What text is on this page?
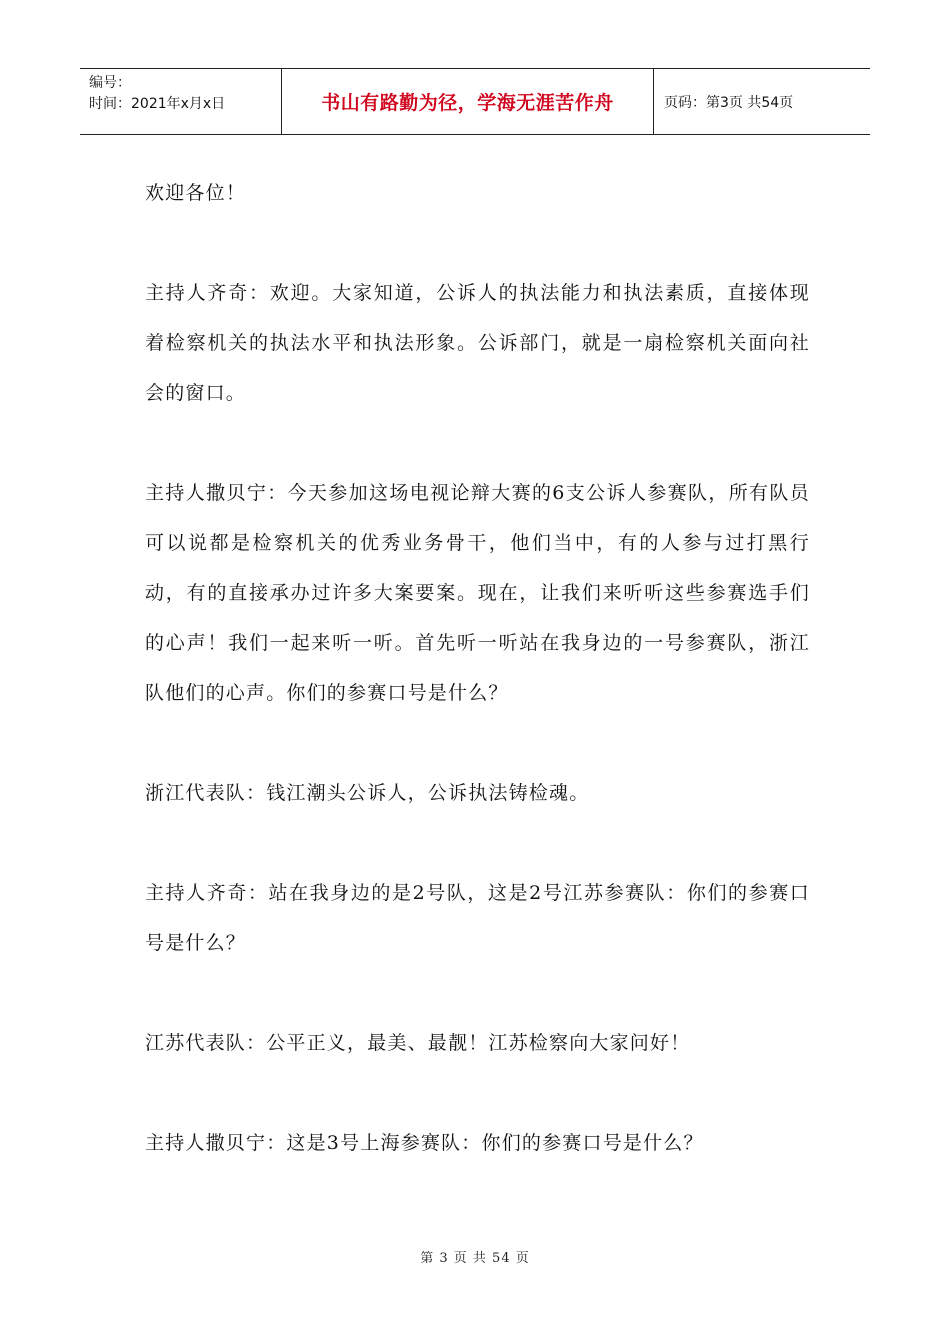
编号：
时间：2021年x月x日	书山有路勤为径，学海无涯苦作舟	页码：第3页 共54页

欢迎各位！

主持人齐奇：欢迎。大家知道，公诉人的执法能力和执法素质，直接体现着检察机关的执法水平和执法形象。公诉部门，就是一扇检察机关面向社会的窗口。

主持人撒贝宁：今天参加这场电视论辩大赛的6支公诉人参赛队，所有队员可以说都是检察机关的优秀业务骨干，他们当中，有的人参与过打黑行动，有的直接承办过许多大案要案。现在，让我们来听听这些参赛选手们的心声！我们一起来听一听。首先听一听站在我身边的一号参赛队，浙江队他们的心声。你们的参赛口号是什么？

浙江代表队：钱江潮头公诉人，公诉执法铸检魂。

主持人齐奇：站在我身边的是2号队，这是2号江苏参赛队：你们的参赛口号是什么？

江苏代表队：公平正义，最美、最靓！江苏检察向大家问好！

主持人撒贝宁：这是3号上海参赛队：你们的参赛口号是什么？

第 3 页 共 54 页
